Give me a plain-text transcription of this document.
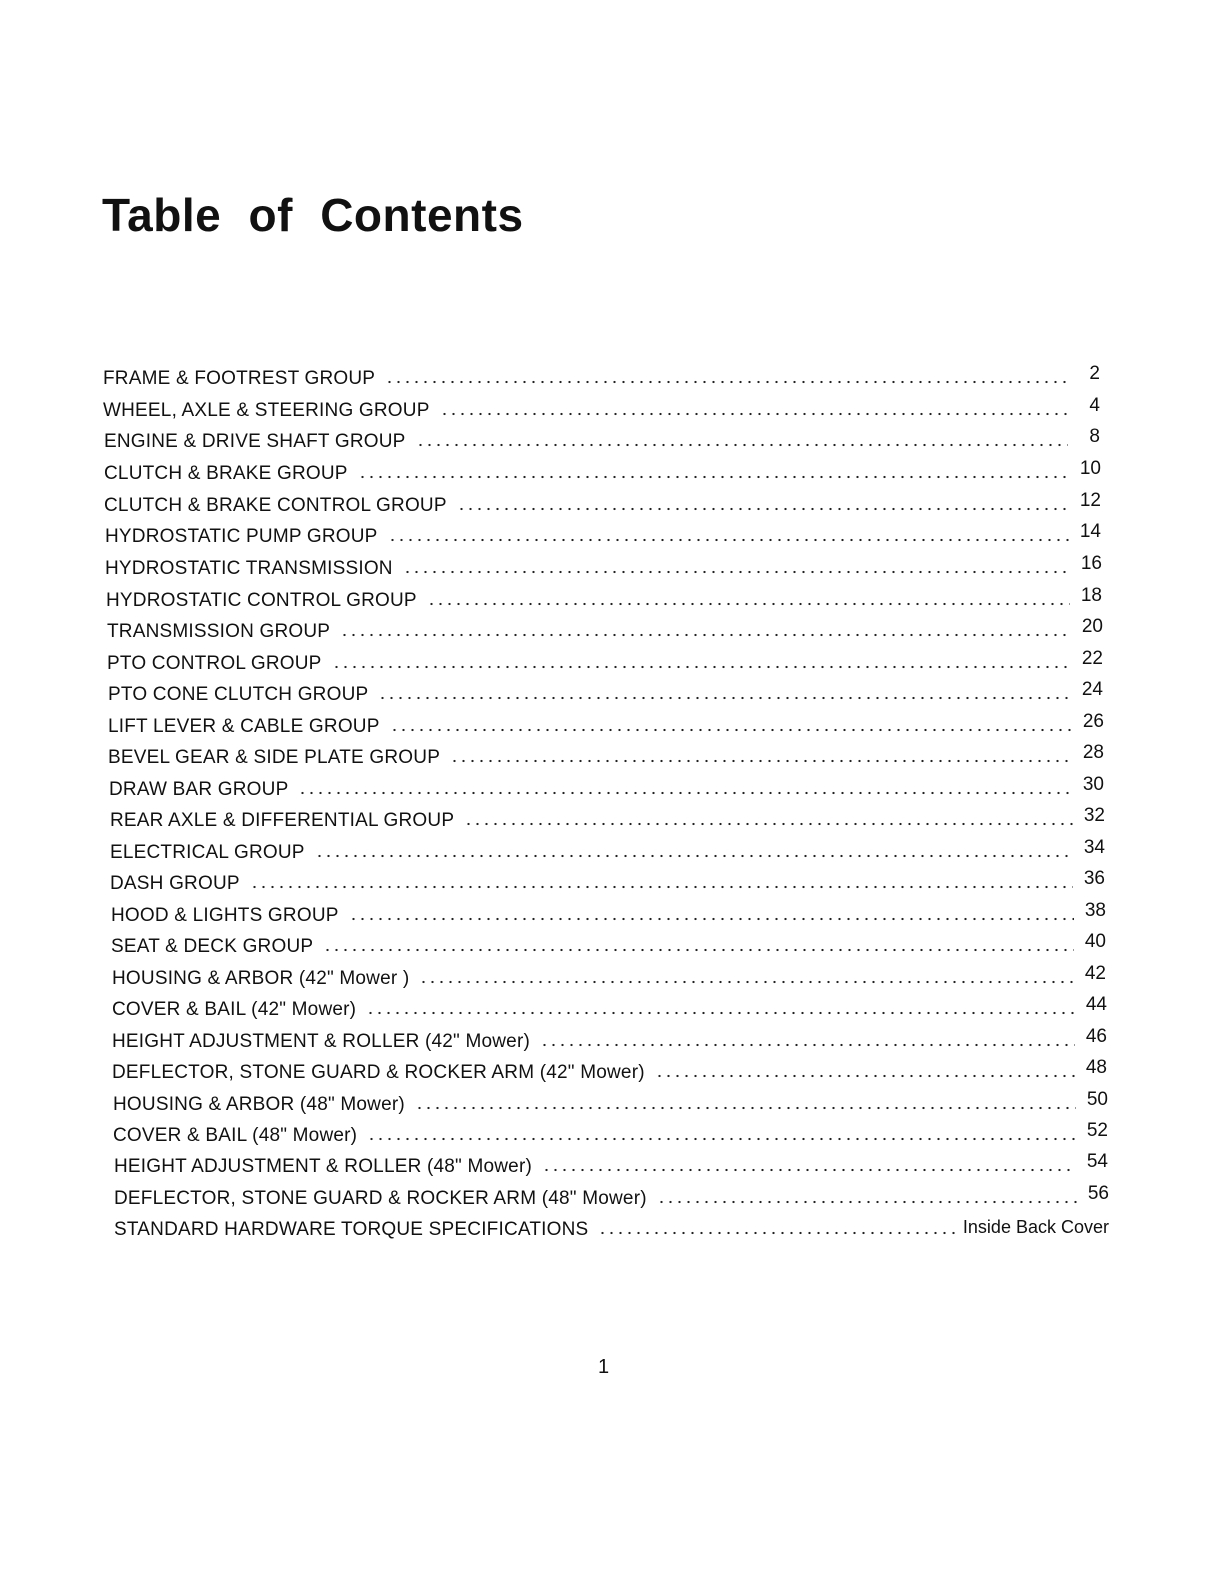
Table of Contents
FRAME & FOOTREST GROUP	2
WHEEL, AXLE & STEERING GROUP	4
ENGINE & DRIVE SHAFT GROUP	8
CLUTCH & BRAKE GROUP	10
CLUTCH & BRAKE CONTROL GROUP	12
HYDROSTATIC PUMP GROUP	14
HYDROSTATIC TRANSMISSION	16
HYDROSTATIC CONTROL GROUP	18
TRANSMISSION GROUP	20
PTO CONTROL GROUP	22
PTO CONE CLUTCH GROUP	24
LIFT LEVER & CABLE GROUP	26
BEVEL GEAR & SIDE PLATE GROUP	28
DRAW BAR GROUP	30
REAR AXLE & DIFFERENTIAL GROUP	32
ELECTRICAL GROUP	34
DASH GROUP	36
HOOD & LIGHTS GROUP	38
SEAT & DECK GROUP	40
HOUSING & ARBOR (42" Mower )	42
COVER & BAIL (42" Mower)	44
HEIGHT ADJUSTMENT & ROLLER (42" Mower)	46
DEFLECTOR, STONE GUARD & ROCKER ARM (42" Mower)	48
HOUSING & ARBOR (48" Mower)	50
COVER & BAIL (48" Mower)	52
HEIGHT ADJUSTMENT & ROLLER (48" Mower)	54
DEFLECTOR, STONE GUARD & ROCKER ARM (48" Mower)	56
STANDARD HARDWARE TORQUE SPECIFICATIONS	Inside Back Cover
1
